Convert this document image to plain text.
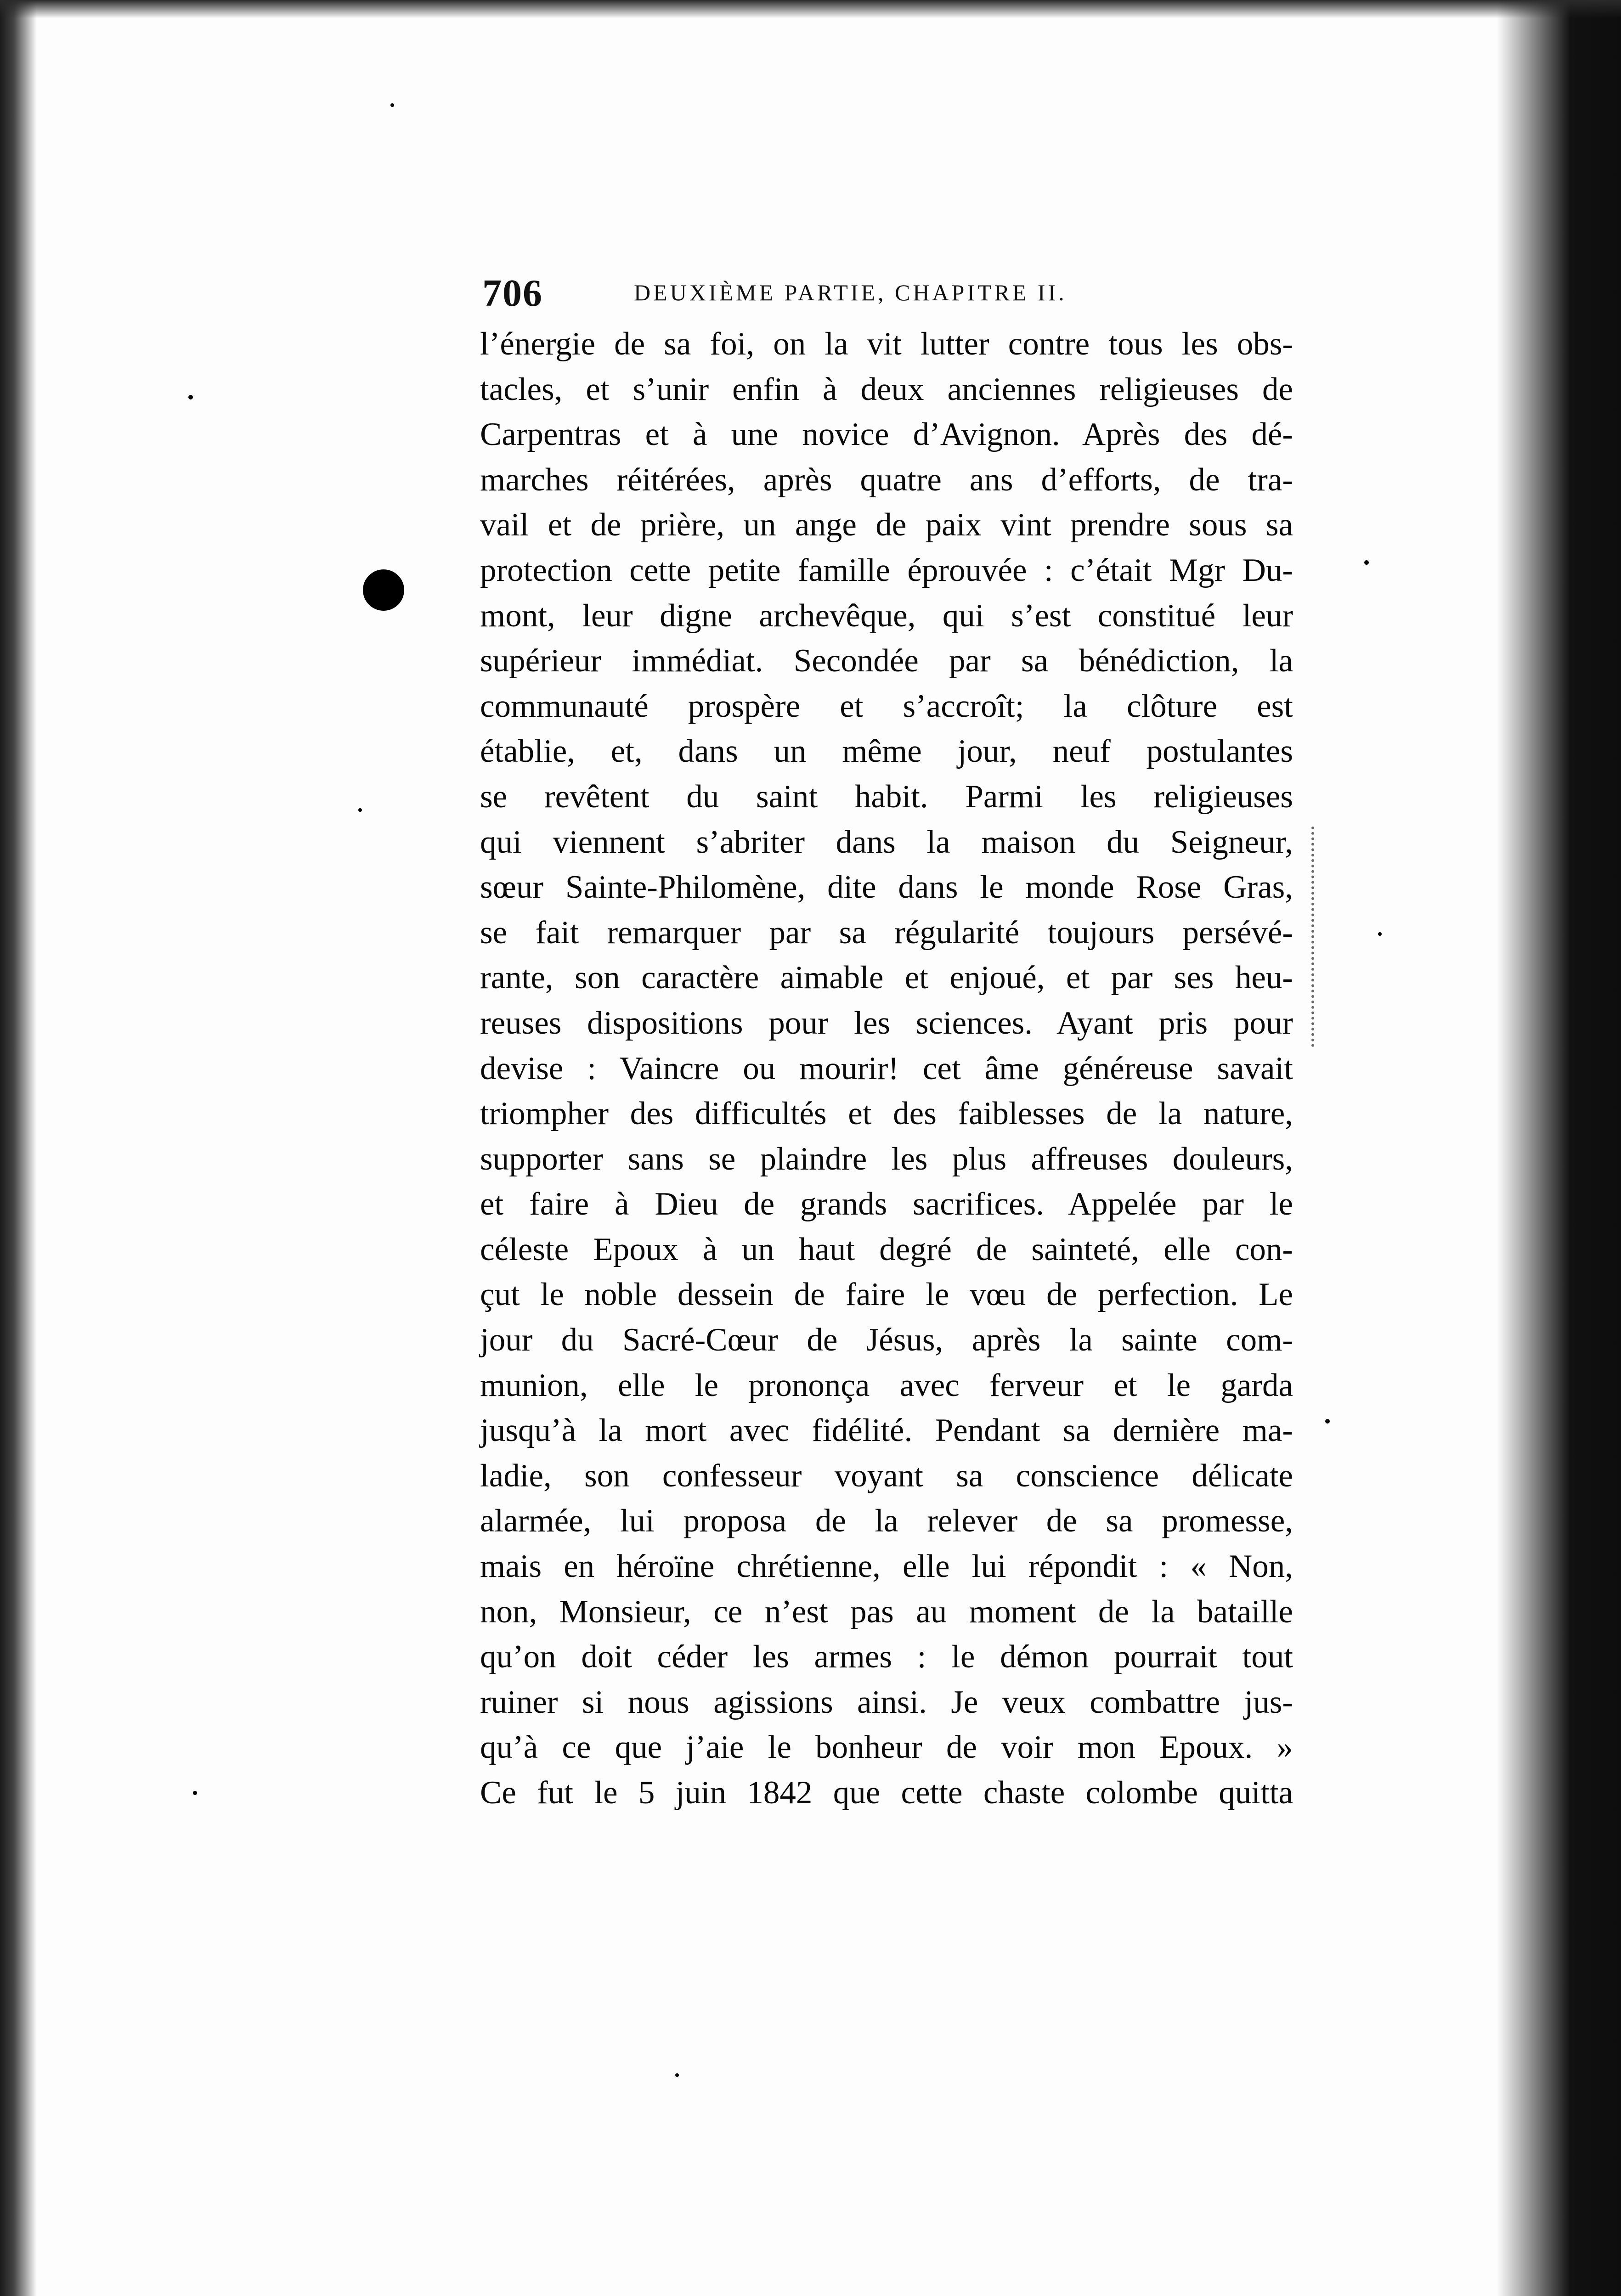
706	DEUXIÈME PARTIE, CHAPITRE II.
l’énergie de sa foi, on la vit lutter contre tous les obs-
tacles, et s’unir enfin à deux anciennes religieuses de
Carpentras et à une novice d’Avignon. Après des dé-
marches réitérées, après quatre ans d’efforts, de tra-
vail et de prière, un ange de paix vint prendre sous sa
protection cette petite famille éprouvée : c’était Mgr Du-
mont, leur digne archevêque, qui s’est constitué leur
supérieur immédiat. Secondée par sa bénédiction, la
communauté prospère et s’accroît; la clôture est
établie, et, dans un même jour, neuf postulantes
se revêtent du saint habit. Parmi les religieuses
qui viennent s’abriter dans la maison du Seigneur,
sœur Sainte-Philomène, dite dans le monde Rose Gras,
se fait remarquer par sa régularité toujours persévé-
rante, son caractère aimable et enjoué, et par ses heu-
reuses dispositions pour les sciences. Ayant pris pour
devise : Vaincre ou mourir! cet âme généreuse savait
triompher des difficultés et des faiblesses de la nature,
supporter sans se plaindre les plus affreuses douleurs,
et faire à Dieu de grands sacrifices. Appelée par le
céleste Epoux à un haut degré de sainteté, elle con-
çut le noble dessein de faire le vœu de perfection. Le
jour du Sacré-Cœur de Jésus, après la sainte com-
munion, elle le prononça avec ferveur et le garda
jusqu’à la mort avec fidélité. Pendant sa dernière ma-
ladie, son confesseur voyant sa conscience délicate
alarmée, lui proposa de la relever de sa promesse,
mais en héroïne chrétienne, elle lui répondit : « Non,
non, Monsieur, ce n’est pas au moment de la bataille
qu’on doit céder les armes : le démon pourrait tout
ruiner si nous agissions ainsi. Je veux combattre jus-
qu’à ce que j’aie le bonheur de voir mon Epoux. »
Ce fut le 5 juin 1842 que cette chaste colombe quitta
